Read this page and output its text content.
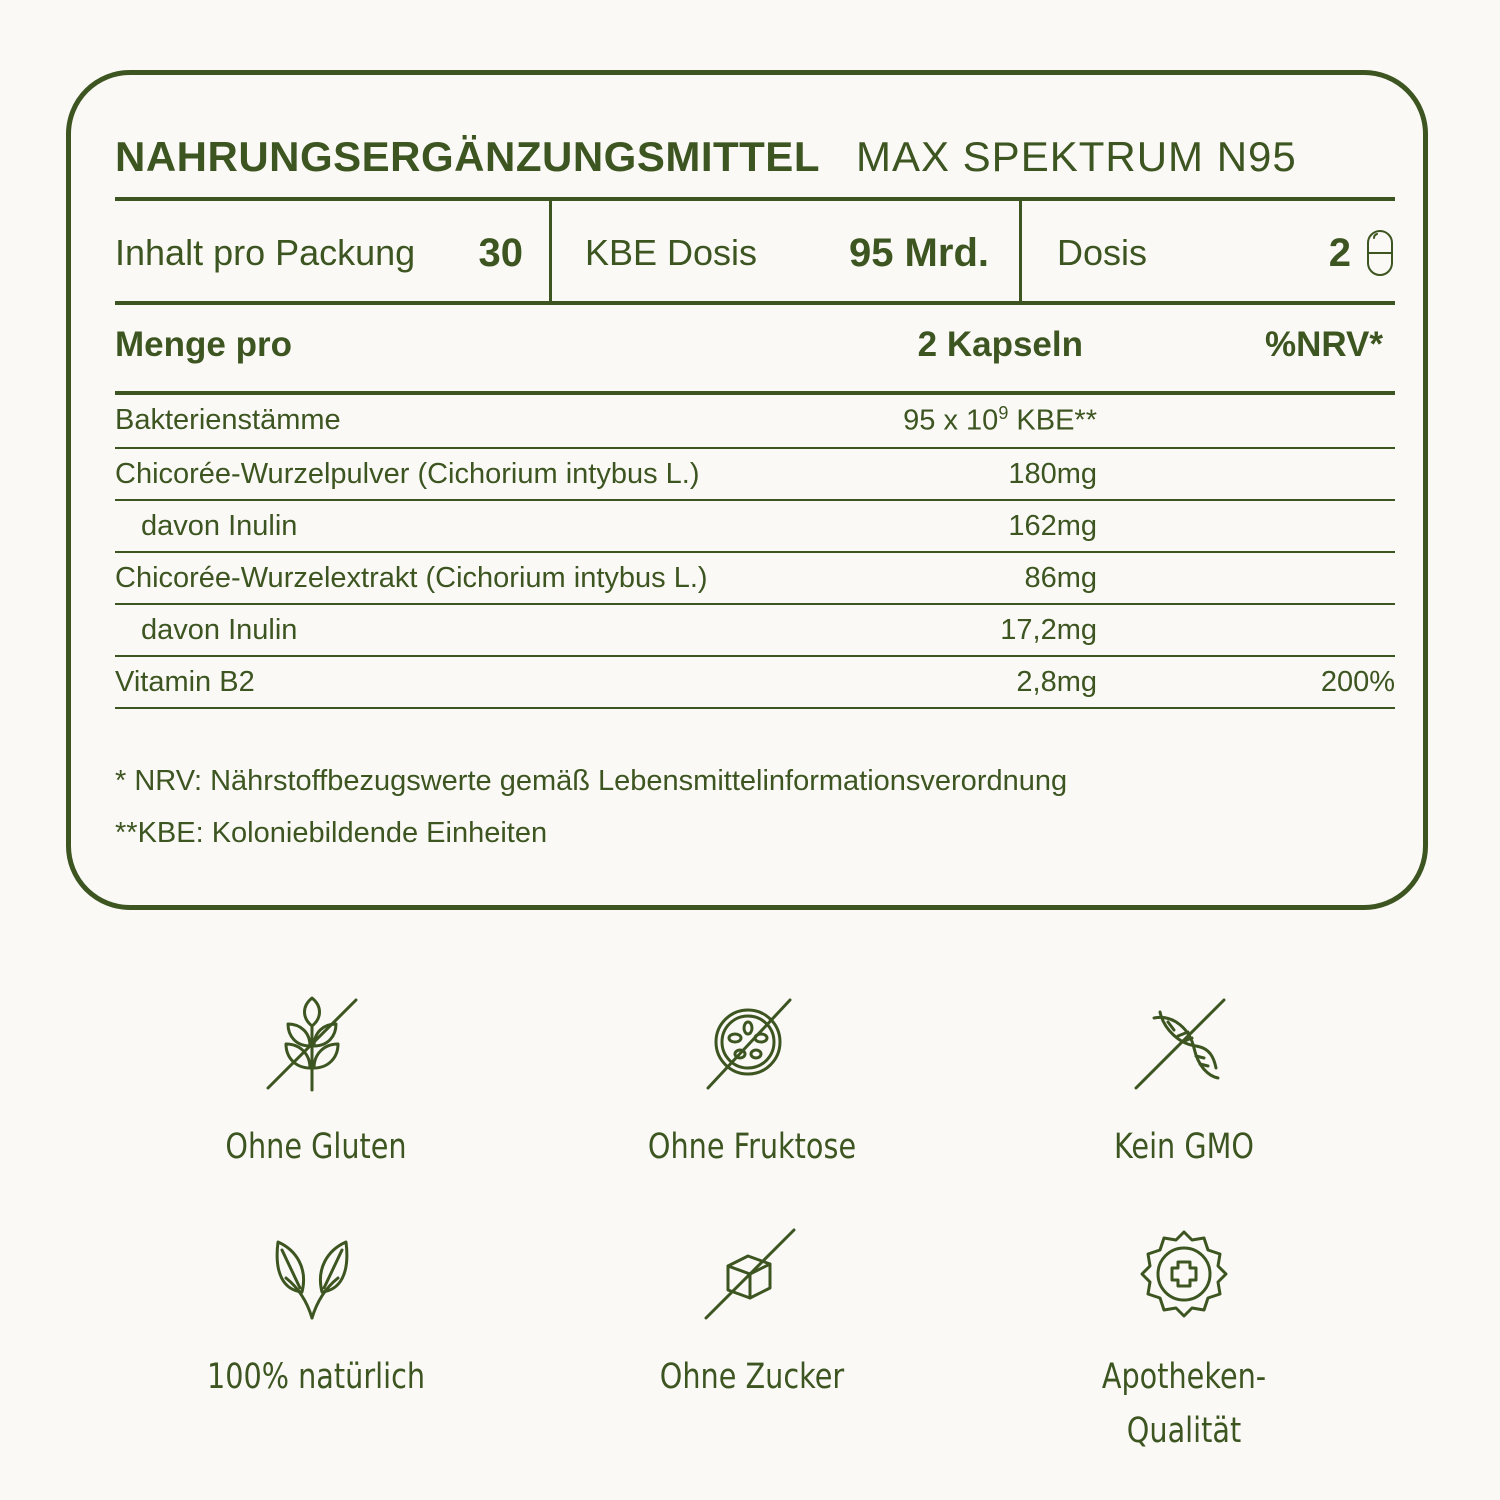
NAHRUNGSERGÄNZUNGSMITTEL MAX SPEKTRUM N95
Inhalt pro Packung 30 KBE Dosis 95 Mrd. Dosis	2
Menge pro	2 Kapseln	%NRV*
Bakterienstämme	95 x $10^9$ KBE**
Chicorée-Wurzelpulver (Cichorium intybus L.)	180mg
davon Inulin	162mg
Chicorée-Wurzelextrakt (Cichorium intybus L.)	86mg
davon Inulin	17,2mg
Vitamin B2	2,8mg	200%
* NRV: Nährstoffbezugswerte gemäß Lebensmittelinformationsverordnung
**KBE: Koloniebildende Einheiten
Ohne Gluten	Ohne Fruktose	Kein GMO
100% natürlich	Ohne Zucker	Apotheken-
Qualität
